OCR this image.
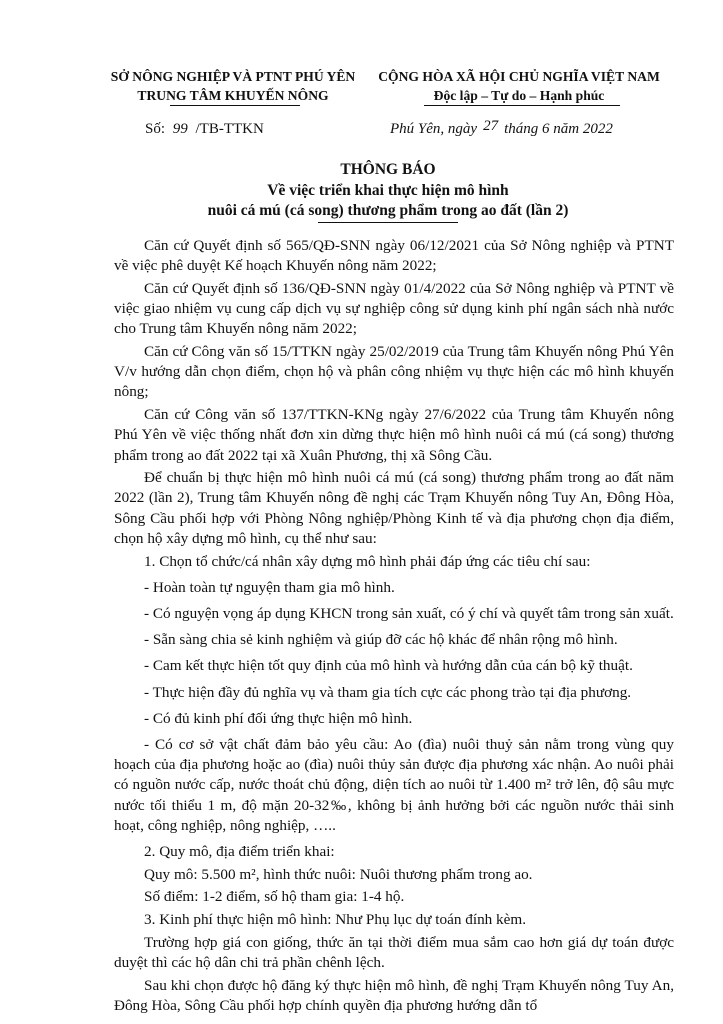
SỞ NÔNG NGHIỆP VÀ PTNT PHÚ YÊN
TRUNG TÂM KHUYẾN NÔNG
CỘNG HÒA XÃ HỘI CHỦ NGHĨA VIỆT NAM
Độc lập – Tự do – Hạnh phúc
Số: 99 /TB-TTKN	Phú Yên, ngày 27 tháng 6 năm 2022
THÔNG BÁO
Về việc triển khai thực hiện mô hình
nuôi cá mú (cá song) thương phẩm trong ao đất (lần 2)

Căn cứ Quyết định số 565/QĐ-SNN ngày 06/12/2021 của Sở Nông nghiệp và PTNT về việc phê duyệt Kế hoạch Khuyến nông năm 2022;

Căn cứ Quyết định số 136/QĐ-SNN ngày 01/4/2022 của Sở Nông nghiệp và PTNT về việc giao nhiệm vụ cung cấp dịch vụ sự nghiệp công sử dụng kinh phí ngân sách nhà nước cho Trung tâm Khuyến nông năm 2022;

Căn cứ Công văn số 15/TTKN ngày 25/02/2019 của Trung tâm Khuyến nông Phú Yên V/v hướng dẫn chọn điểm, chọn hộ và phân công nhiệm vụ thực hiện các mô hình khuyến nông;

Căn cứ Công văn số 137/TTKN-KNg ngày 27/6/2022 của Trung tâm Khuyến nông Phú Yên về việc thống nhất đơn xin dừng thực hiện mô hình nuôi cá mú (cá song) thương phẩm trong ao đất 2022 tại xã Xuân Phương, thị xã Sông Cầu.

Để chuẩn bị thực hiện mô hình nuôi cá mú (cá song) thương phẩm trong ao đất năm 2022 (lần 2), Trung tâm Khuyến nông đề nghị các Trạm Khuyến nông Tuy An, Đông Hòa, Sông Cầu phối hợp với Phòng Nông nghiệp/Phòng Kinh tế và địa phương chọn địa điểm, chọn hộ xây dựng mô hình, cụ thể như sau:

1. Chọn tổ chức/cá nhân xây dựng mô hình phải đáp ứng các tiêu chí sau:

- Hoàn toàn tự nguyện tham gia mô hình.

- Có nguyện vọng áp dụng KHCN trong sản xuất, có ý chí và quyết tâm trong sản xuất.

- Sẵn sàng chia sẻ kinh nghiệm và giúp đỡ các hộ khác để nhân rộng mô hình.

- Cam kết thực hiện tốt quy định của mô hình và hướng dẫn của cán bộ kỹ thuật.

- Thực hiện đầy đủ nghĩa vụ và tham gia tích cực các phong trào tại địa phương.

- Có đủ kinh phí đối ứng thực hiện mô hình.

- Có cơ sở vật chất đảm bảo yêu cầu: Ao (đìa) nuôi thuỷ sản nằm trong vùng quy hoạch của địa phương hoặc ao (đìa) nuôi thủy sản được địa phương xác nhận. Ao nuôi phải có nguồn nước cấp, nước thoát chủ động, diện tích ao nuôi từ 1.400 m² trở lên, độ sâu mực nước tối thiểu 1 m, độ mặn 20-32‰, không bị ảnh hưởng bởi các nguồn nước thải sinh hoạt, công nghiệp, nông nghiệp, …..

2. Quy mô, địa điểm triển khai:

Quy mô: 5.500 m², hình thức nuôi: Nuôi thương phẩm trong ao.

Số điểm: 1-2 điểm, số hộ tham gia: 1-4 hộ.

3. Kinh phí thực hiện mô hình: Như Phụ lục dự toán đính kèm.

Trường hợp giá con giống, thức ăn tại thời điểm mua sắm cao hơn giá dự toán được duyệt thì các hộ dân chi trả phần chênh lệch.

Sau khi chọn được hộ đăng ký thực hiện mô hình, đề nghị Trạm Khuyến nông Tuy An, Đông Hòa, Sông Cầu phối hợp chính quyền địa phương hướng dẫn tổ
